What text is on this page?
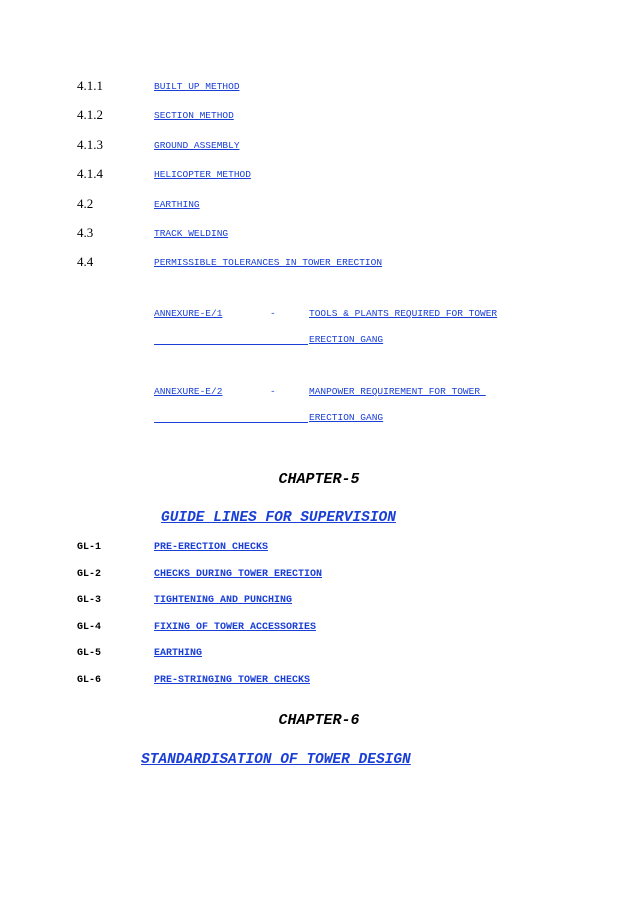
4.1.1	BUILT UP METHOD
4.1.2	SECTION METHOD
4.1.3	GROUND ASSEMBLY
4.1.4	HELICOPTER METHOD
4.2	EARTHING
4.3	TRACK WELDING
4.4	PERMISSIBLE TOLERANCES IN TOWER ERECTION
ANNEXURE-E/1	-	TOOLS & PLANTS REQUIRED FOR TOWER
ERECTION GANG
ANNEXURE-E/2	-	MANPOWER REQUIREMENT FOR TOWER
ERECTION GANG
CHAPTER-5
GUIDE LINES FOR SUPERVISION
GL-1	PRE-ERECTION CHECKS
GL-2	CHECKS DURING TOWER ERECTION
GL-3	TIGHTENING AND PUNCHING
GL-4	FIXING OF TOWER ACCESSORIES
GL-5	EARTHING
GL-6	PRE-STRINGING TOWER CHECKS
CHAPTER-6
STANDARDISATION OF TOWER DESIGN
